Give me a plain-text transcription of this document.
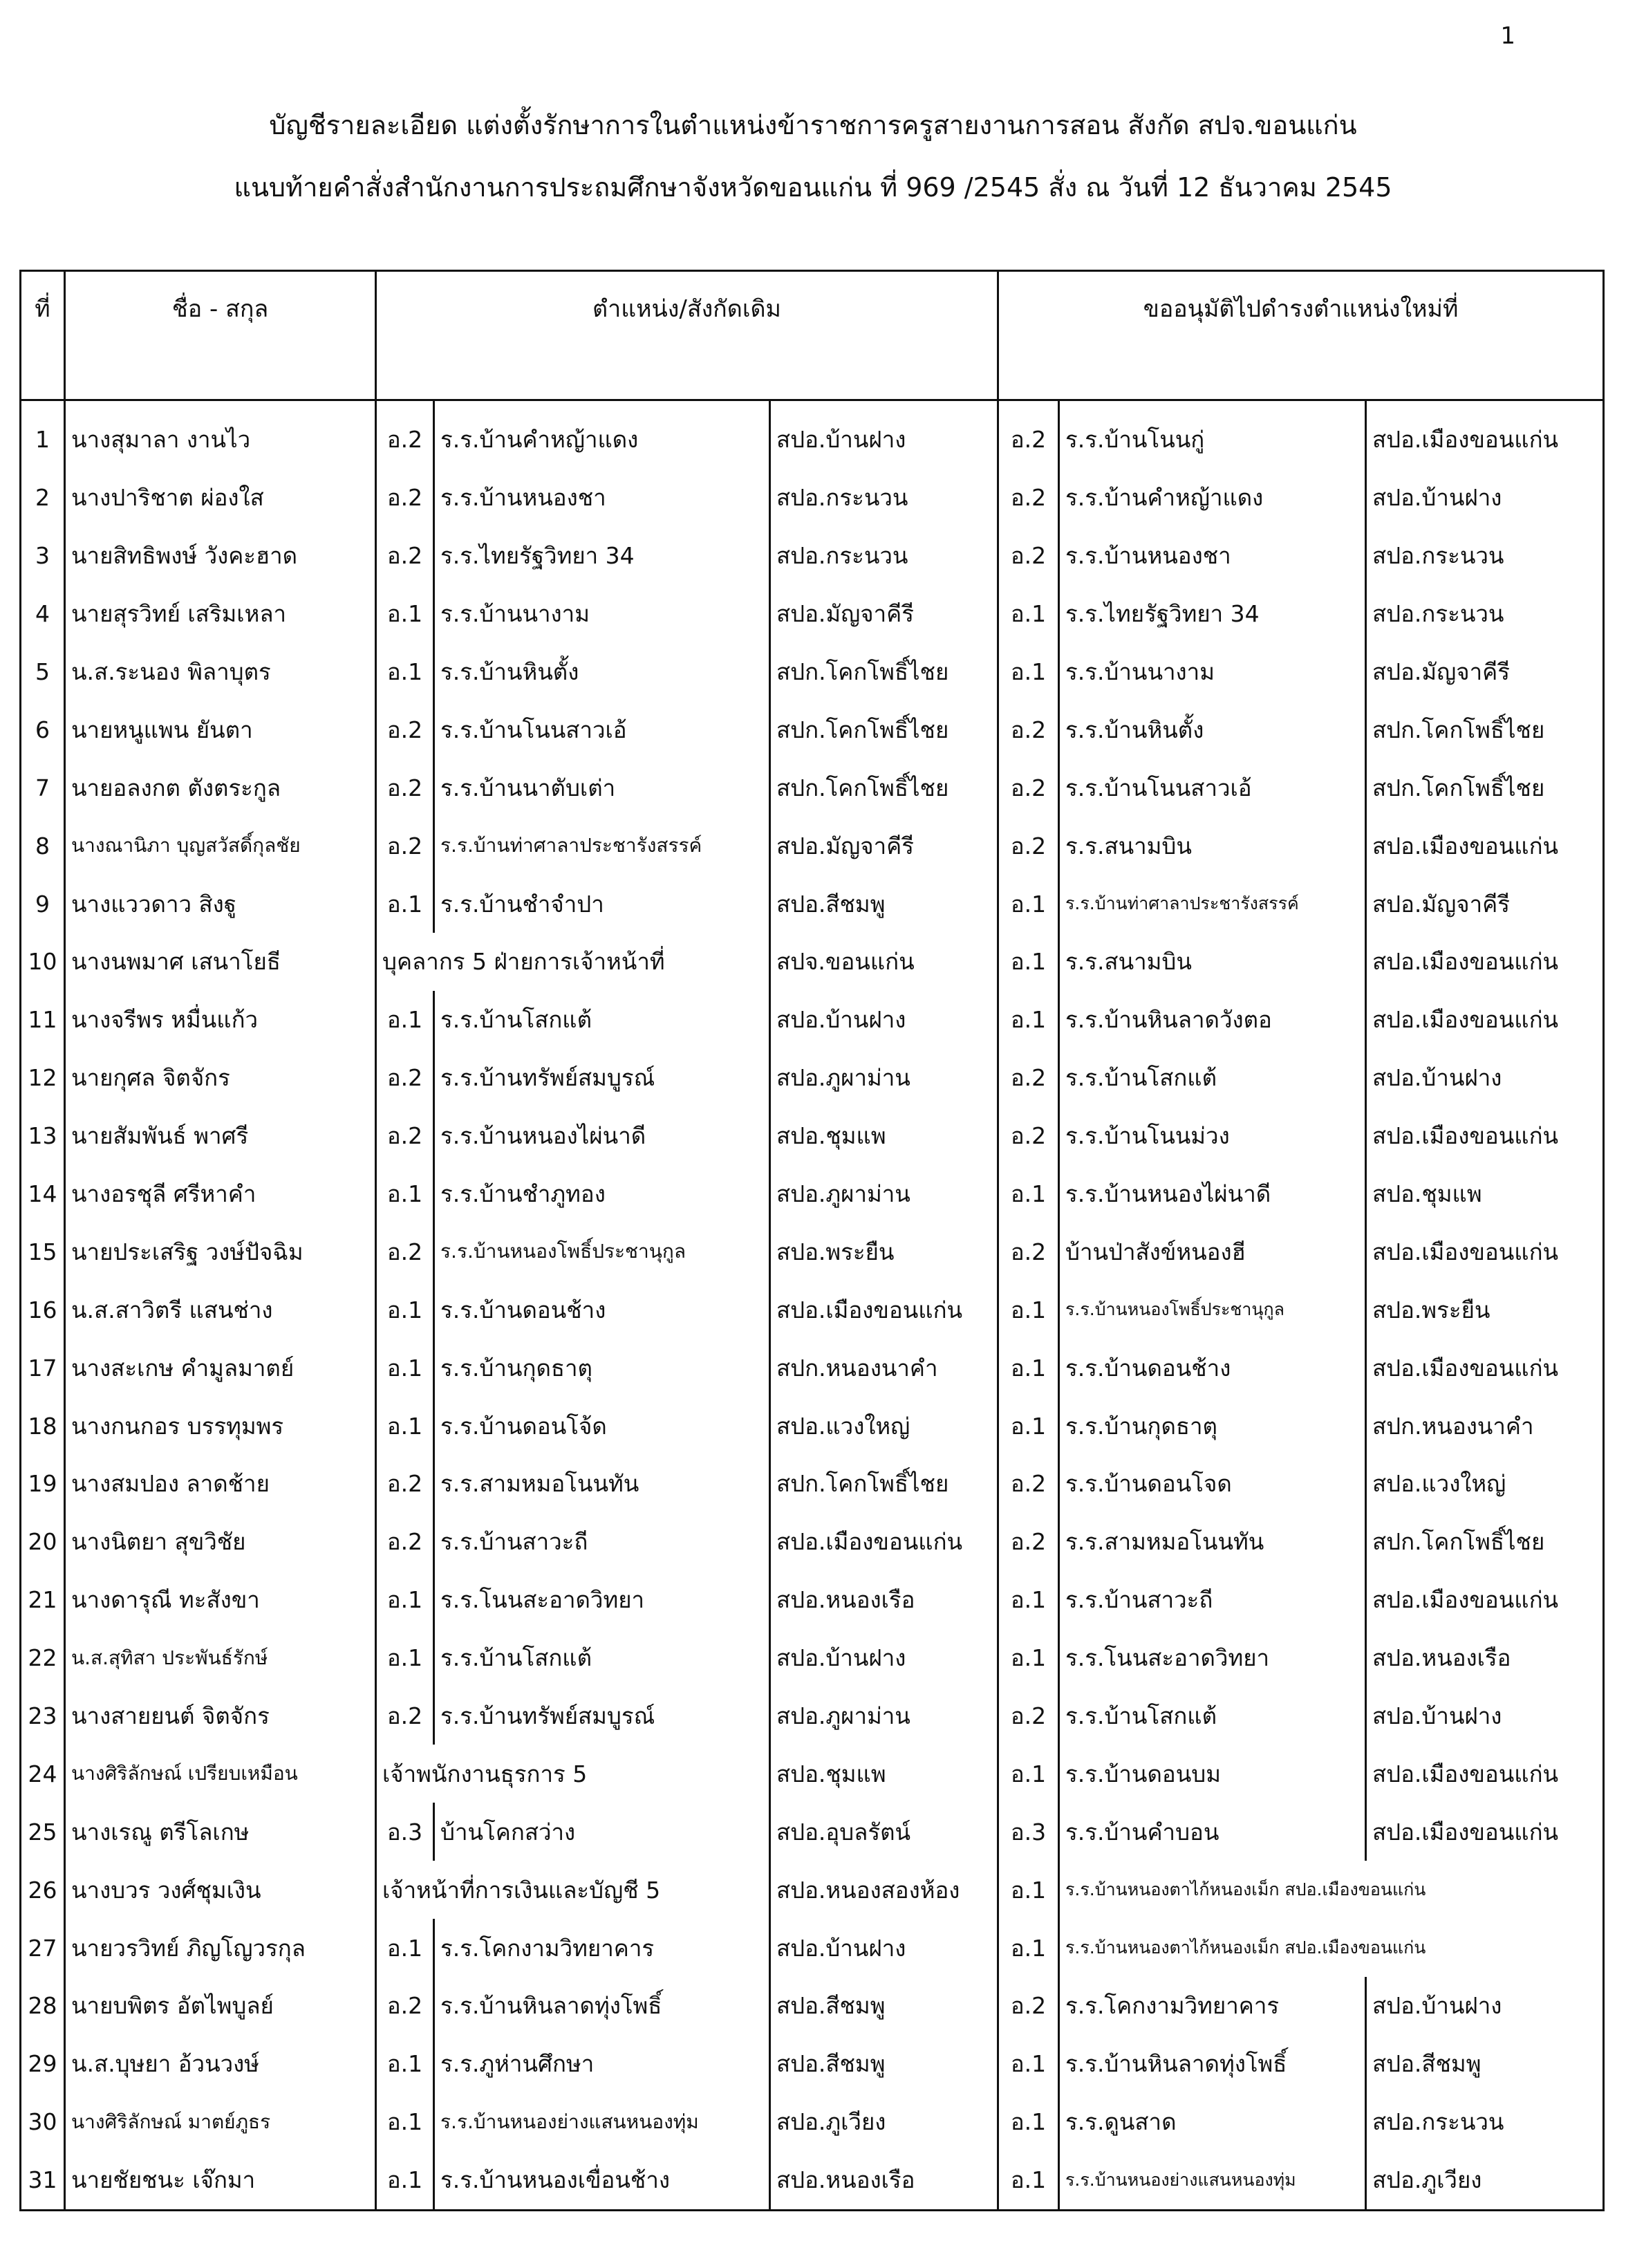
1
บัญชีรายละเอียด แต่งตั้งรักษาการในตำแหน่งข้าราชการครูสายงานการสอน สังกัด สปจ.ขอนแก่น
แนบท้ายคำสั่งสำนักงานการประถมศึกษาจังหวัดขอนแก่น ที่ 969 /2545 สั่ง ณ วันที่ 12 ธันวาคม 2545
ที่	ชื่อ - สกุล	ตำแหน่ง/สังกัดเดิม			ขออนุมัติไปดำรงตำแหน่งใหม่ที่		
1	นางสุมาลา งานไว	อ.2	ร.ร.บ้านคำหญ้าแดง	สปอ.บ้านฝาง	อ.2	ร.ร.บ้านโนนกู่	สปอ.เมืองขอนแก่น
2	นางปาริชาต ผ่องใส	อ.2	ร.ร.บ้านหนองชา	สปอ.กระนวน	อ.2	ร.ร.บ้านคำหญ้าแดง	สปอ.บ้านฝาง
3	นายสิทธิพงษ์ วังคะฮาด	อ.2	ร.ร.ไทยรัฐวิทยา 34	สปอ.กระนวน	อ.2	ร.ร.บ้านหนองชา	สปอ.กระนวน
4	นายสุรวิทย์ เสริมเหลา	อ.1	ร.ร.บ้านนางาม	สปอ.มัญจาคีรี	อ.1	ร.ร.ไทยรัฐวิทยา 34	สปอ.กระนวน
5	น.ส.ระนอง พิลาบุตร	อ.1	ร.ร.บ้านหินตั้ง	สปก.โคกโพธิ์ไชย	อ.1	ร.ร.บ้านนางาม	สปอ.มัญจาคีรี
6	นายหนูแพน ยันตา	อ.2	ร.ร.บ้านโนนสาวเอ้	สปก.โคกโพธิ์ไชย	อ.2	ร.ร.บ้านหินตั้ง	สปก.โคกโพธิ์ไชย
7	นายอลงกต ตังตระกูล	อ.2	ร.ร.บ้านนาตับเต่า	สปก.โคกโพธิ์ไชย	อ.2	ร.ร.บ้านโนนสาวเอ้	สปก.โคกโพธิ์ไชย
8	นางณานิภา บุญสวัสดิ์กุลชัย	อ.2	ร.ร.บ้านท่าศาลาประชารังสรรค์	สปอ.มัญจาคีรี	อ.2	ร.ร.สนามบิน	สปอ.เมืองขอนแก่น
9	นางแววดาว สิงฐู	อ.1	ร.ร.บ้านชำจำปา	สปอ.สีชมพู	อ.1	ร.ร.บ้านท่าศาลาประชารังสรรค์	สปอ.มัญจาคีรี
10	นางนพมาศ เสนาโยธี	บุคลากร 5 ฝ่ายการเจ้าหน้าที่		สปจ.ขอนแก่น	อ.1	ร.ร.สนามบิน	สปอ.เมืองขอนแก่น
11	นางจรีพร หมื่นแก้ว	อ.1	ร.ร.บ้านโสกแต้	สปอ.บ้านฝาง	อ.1	ร.ร.บ้านหินลาดวังตอ	สปอ.เมืองขอนแก่น
12	นายกุศล จิตจักร	อ.2	ร.ร.บ้านทรัพย์สมบูรณ์	สปอ.ภูผาม่าน	อ.2	ร.ร.บ้านโสกแต้	สปอ.บ้านฝาง
13	นายสัมพันธ์ พาศรี	อ.2	ร.ร.บ้านหนองไผ่นาดี	สปอ.ชุมแพ	อ.2	ร.ร.บ้านโนนม่วง	สปอ.เมืองขอนแก่น
14	นางอรชุลี ศรีหาคำ	อ.1	ร.ร.บ้านชำภูทอง	สปอ.ภูผาม่าน	อ.1	ร.ร.บ้านหนองไผ่นาดี	สปอ.ชุมแพ
15	นายประเสริฐ วงษ์ปัจฉิม	อ.2	ร.ร.บ้านหนองโพธิ์ประชานุกูล	สปอ.พระยืน	อ.2	บ้านป่าสังข์หนองฮี	สปอ.เมืองขอนแก่น
16	น.ส.สาวิตรี แสนช่าง	อ.1	ร.ร.บ้านดอนช้าง	สปอ.เมืองขอนแก่น	อ.1	ร.ร.บ้านหนองโพธิ์ประชานุกูล	สปอ.พระยืน
17	นางสะเกษ คำมูลมาตย์	อ.1	ร.ร.บ้านกุดธาตุ	สปก.หนองนาคำ	อ.1	ร.ร.บ้านดอนช้าง	สปอ.เมืองขอนแก่น
18	นางกนกอร บรรทุมพร	อ.1	ร.ร.บ้านดอนโจ้ด	สปอ.แวงใหญ่	อ.1	ร.ร.บ้านกุดธาตุ	สปก.หนองนาคำ
19	นางสมปอง ลาดช้าย	อ.2	ร.ร.สามหมอโนนทัน	สปก.โคกโพธิ์ไชย	อ.2	ร.ร.บ้านดอนโจด	สปอ.แวงใหญ่
20	นางนิตยา สุขวิชัย	อ.2	ร.ร.บ้านสาวะถี	สปอ.เมืองขอนแก่น	อ.2	ร.ร.สามหมอโนนทัน	สปก.โคกโพธิ์ไชย
21	นางดารุณี ทะสังขา	อ.1	ร.ร.โนนสะอาดวิทยา	สปอ.หนองเรือ	อ.1	ร.ร.บ้านสาวะถี	สปอ.เมืองขอนแก่น
22	น.ส.สุทิสา ประพันธ์รักษ์	อ.1	ร.ร.บ้านโสกแต้	สปอ.บ้านฝาง	อ.1	ร.ร.โนนสะอาดวิทยา	สปอ.หนองเรือ
23	นางสายยนต์ จิตจักร	อ.2	ร.ร.บ้านทรัพย์สมบูรณ์	สปอ.ภูผาม่าน	อ.2	ร.ร.บ้านโสกแต้	สปอ.บ้านฝาง
24	นางศิริลักษณ์ เปรียบเหมือน	เจ้าพนักงานธุรการ 5		สปอ.ชุมแพ	อ.1	ร.ร.บ้านดอนบม	สปอ.เมืองขอนแก่น
25	นางเรณู ตรีโลเกษ	อ.3	บ้านโคกสว่าง	สปอ.อุบลรัตน์	อ.3	ร.ร.บ้านคำบอน	สปอ.เมืองขอนแก่น
26	นางบวร วงศ์ชุมเงิน	เจ้าหน้าที่การเงินและบัญชี 5		สปอ.หนองสองห้อง	อ.1	ร.ร.บ้านหนองตาไก้หนองเม็ก สปอ.เมืองขอนแก่น	
27	นายวรวิทย์ ภิญโญวรกุล	อ.1	ร.ร.โคกงามวิทยาคาร	สปอ.บ้านฝาง	อ.1	ร.ร.บ้านหนองตาไก้หนองเม็ก สปอ.เมืองขอนแก่น	
28	นายบพิตร อัตไพบูลย์	อ.2	ร.ร.บ้านหินลาดทุ่งโพธิ์	สปอ.สีชมพู	อ.2	ร.ร.โคกงามวิทยาคาร	สปอ.บ้านฝาง
29	น.ส.บุษยา อ้วนวงษ์	อ.1	ร.ร.ภูห่านศึกษา	สปอ.สีชมพู	อ.1	ร.ร.บ้านหินลาดทุ่งโพธิ์	สปอ.สีชมพู
30	นางศิริลักษณ์ มาตย์ภูธร	อ.1	ร.ร.บ้านหนองย่างแสนหนองทุ่ม	สปอ.ภูเวียง	อ.1	ร.ร.ดูนสาด	สปอ.กระนวน
31	นายชัยชนะ เจ๊กมา	อ.1	ร.ร.บ้านหนองเขื่อนช้าง	สปอ.หนองเรือ	อ.1	ร.ร.บ้านหนองย่างแสนหนองทุ่ม	สปอ.ภูเวียง
